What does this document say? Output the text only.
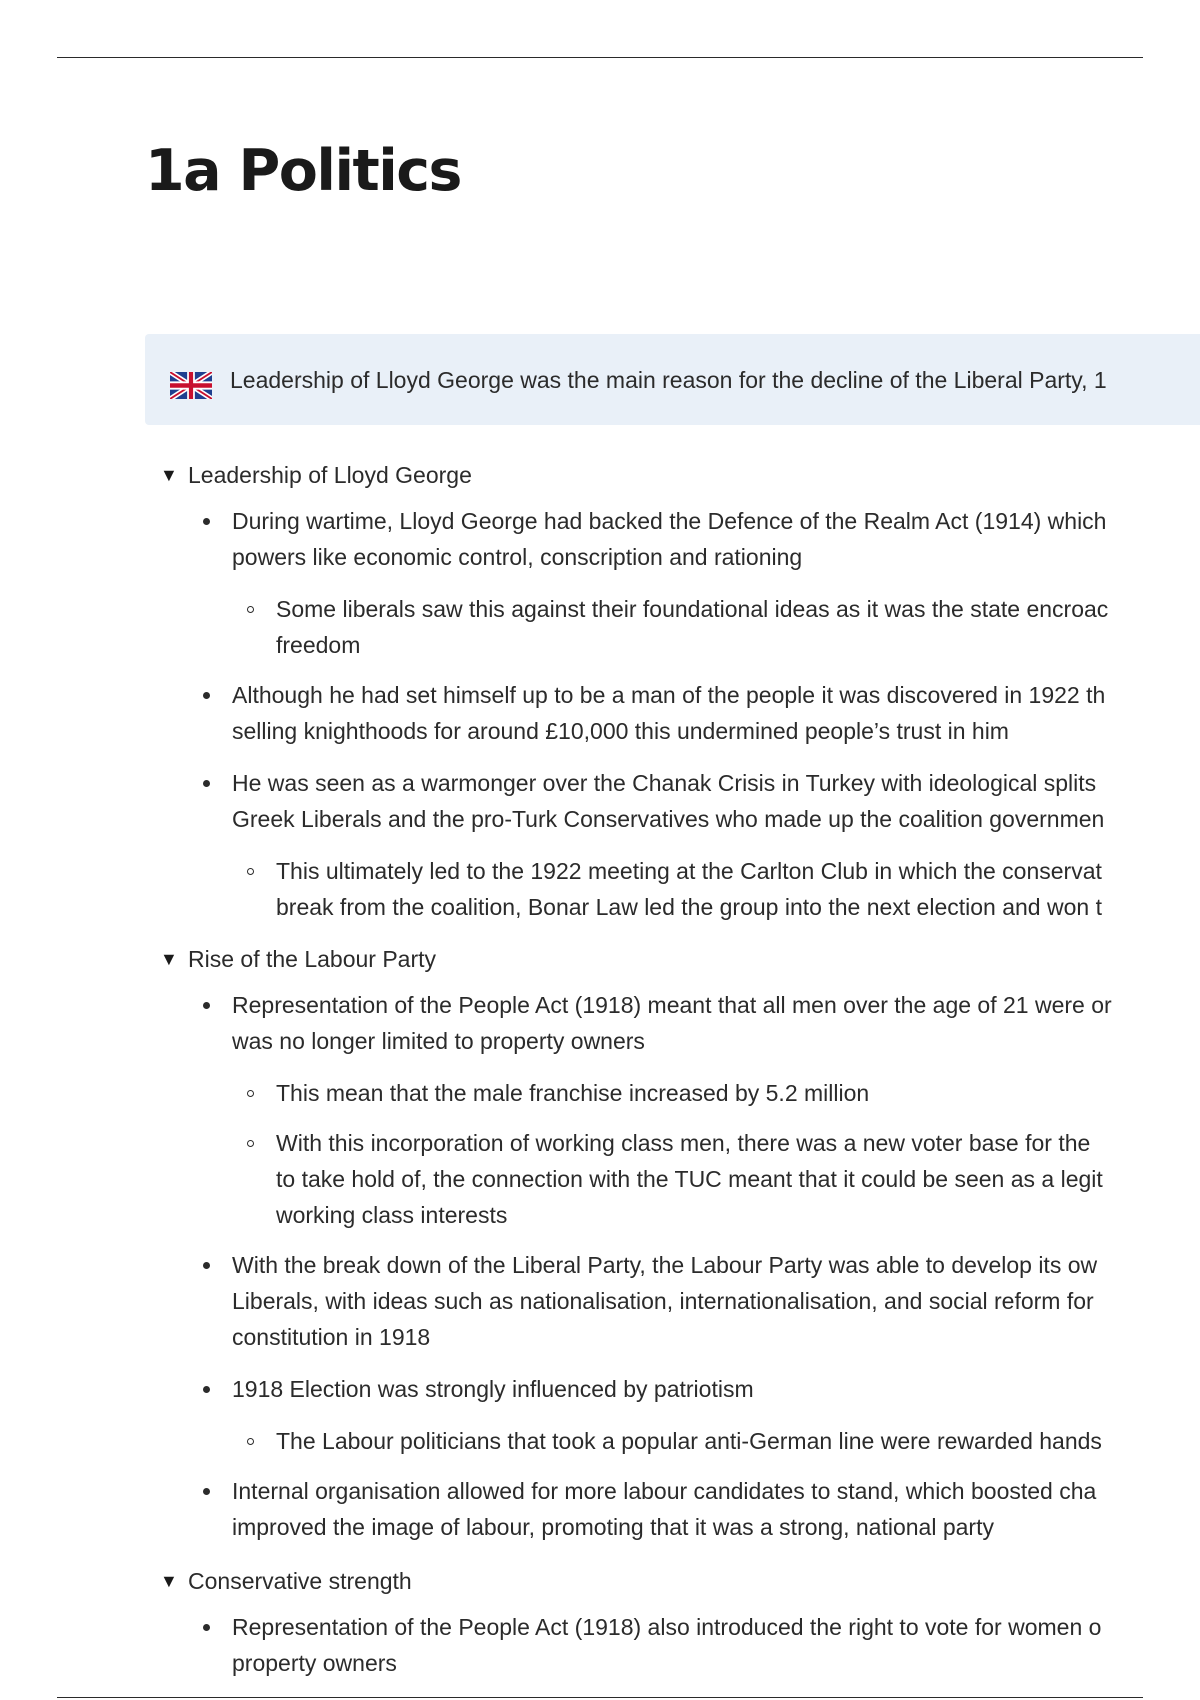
1a Politics
Leadership of Lloyd George was the main reason for the decline of the Liberal Party, 1
▼ Leadership of Lloyd George
During wartime, Lloyd George had backed the Defence of the Realm Act (1914) which
powers like economic control, conscription and rationing
Some liberals saw this against their foundational ideas as it was the state encroac
freedom
Although he had set himself up to be a man of the people it was discovered in 1922 th
selling knighthoods for around £10,000 this undermined people’s trust in him
He was seen as a warmonger over the Chanak Crisis in Turkey with ideological splits
Greek Liberals and the pro-Turk Conservatives who made up the coalition governmen
This ultimately led to the 1922 meeting at the Carlton Club in which the conservat
break from the coalition, Bonar Law led the group into the next election and won t
▼ Rise of the Labour Party
Representation of the People Act (1918) meant that all men over the age of 21 were or
was no longer limited to property owners
This mean that the male franchise increased by 5.2 million
With this incorporation of working class men, there was a new voter base for the
to take hold of, the connection with the TUC meant that it could be seen as a legit
working class interests
With the break down of the Liberal Party, the Labour Party was able to develop its ow
Liberals, with ideas such as nationalisation, internationalisation, and social reform for
constitution in 1918
1918 Election was strongly influenced by patriotism
The Labour politicians that took a popular anti-German line were rewarded hands
Internal organisation allowed for more labour candidates to stand, which boosted cha
improved the image of labour, promoting that it was a strong, national party
▼ Conservative strength
Representation of the People Act (1918) also introduced the right to vote for women o
property owners
